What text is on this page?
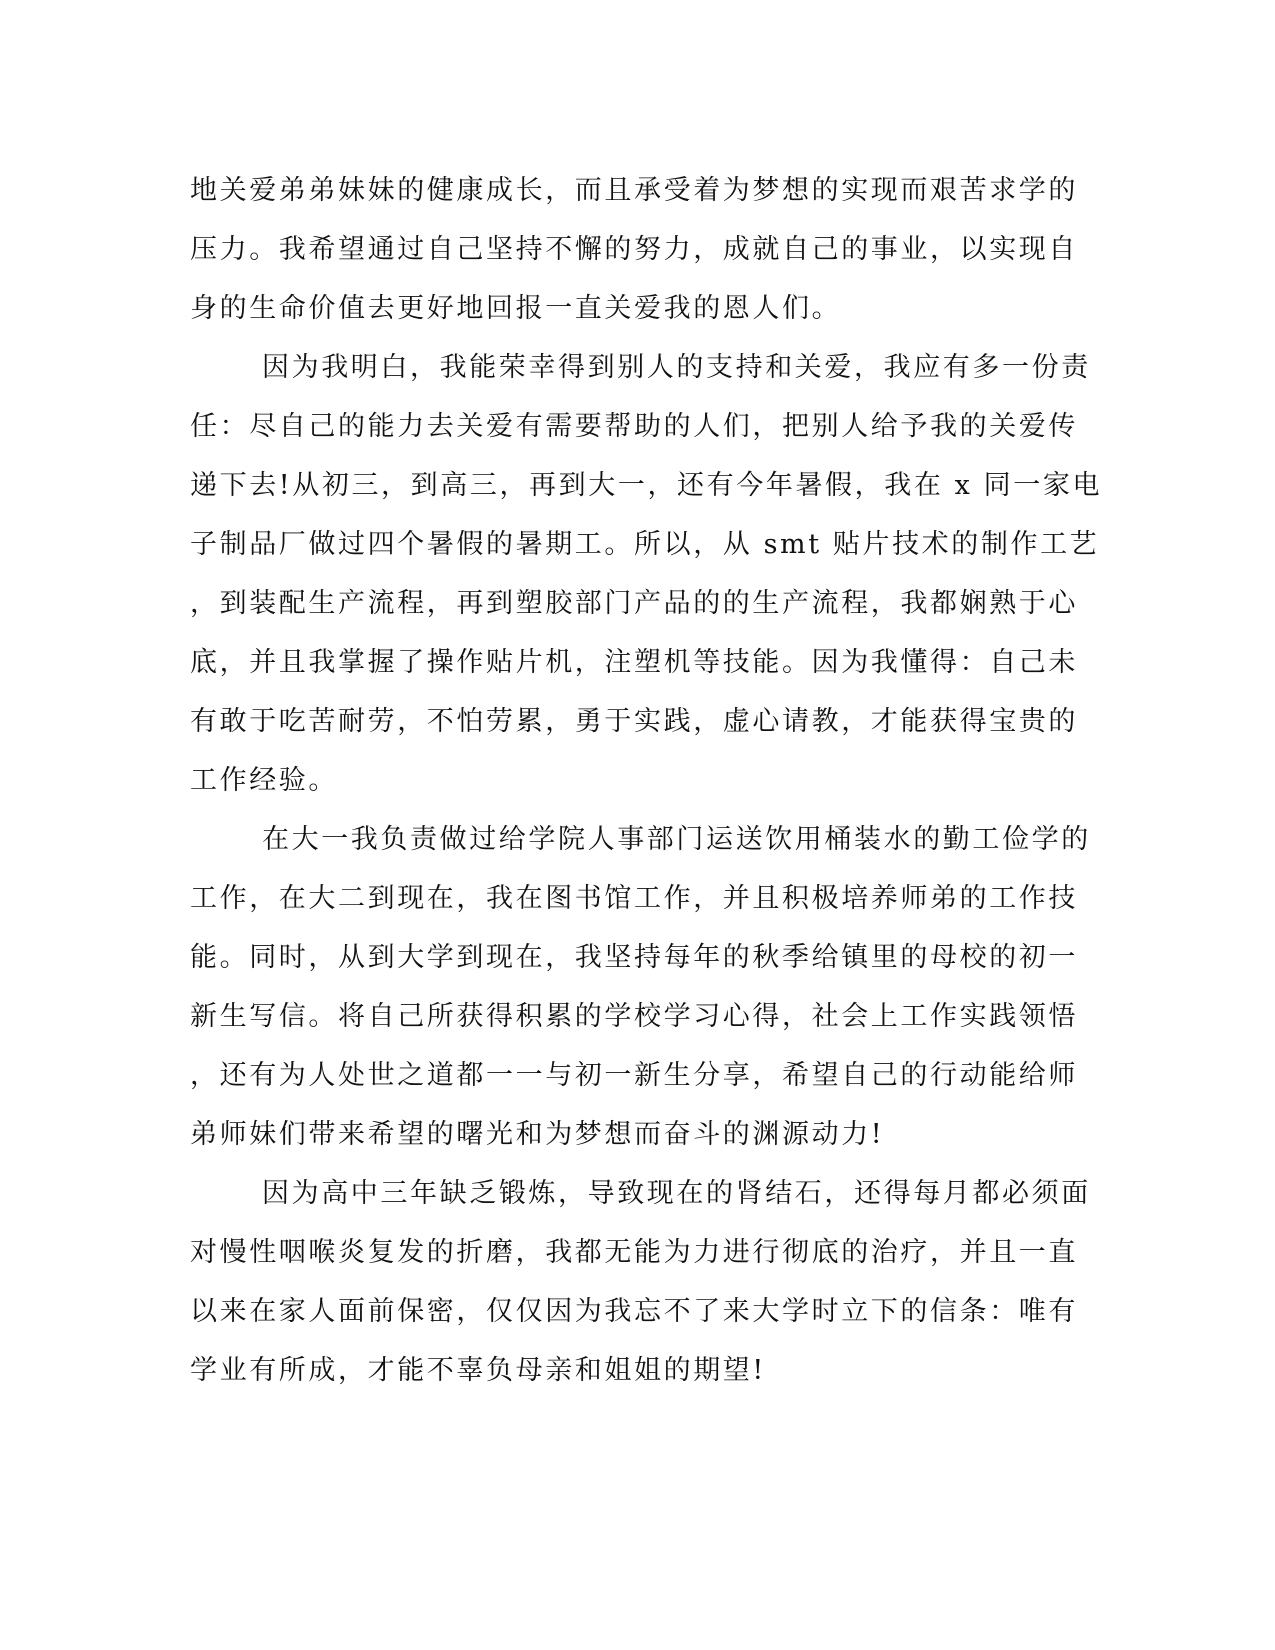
地关爱弟弟妹妹的健康成长，而且承受着为梦想的实现而艰苦求学的
压力。我希望通过自己坚持不懈的努力，成就自己的事业，以实现自
身的生命价值去更好地回报一直关爱我的恩人们。
因为我明白，我能荣幸得到别人的支持和关爱，我应有多一份责
任：尽自己的能力去关爱有需要帮助的人们，把别人给予我的关爱传
递下去!从初三，到高三，再到大一，还有今年暑假，我在 x 同一家电
子制品厂做过四个暑假的暑期工。所以，从 smt 贴片技术的制作工艺
，到装配生产流程，再到塑胶部门产品的的生产流程，我都娴熟于心
底，并且我掌握了操作贴片机，注塑机等技能。因为我懂得：自己未
有敢于吃苦耐劳，不怕劳累，勇于实践，虚心请教，才能获得宝贵的
工作经验。
在大一我负责做过给学院人事部门运送饮用桶装水的勤工俭学的
工作，在大二到现在，我在图书馆工作，并且积极培养师弟的工作技
能。同时，从到大学到现在，我坚持每年的秋季给镇里的母校的初一
新生写信。将自己所获得积累的学校学习心得，社会上工作实践领悟
，还有为人处世之道都一一与初一新生分享，希望自己的行动能给师
弟师妹们带来希望的曙光和为梦想而奋斗的渊源动力!
因为高中三年缺乏锻炼，导致现在的肾结石，还得每月都必须面
对慢性咽喉炎复发的折磨，我都无能为力进行彻底的治疗，并且一直
以来在家人面前保密，仅仅因为我忘不了来大学时立下的信条：唯有
学业有所成，才能不辜负母亲和姐姐的期望!
